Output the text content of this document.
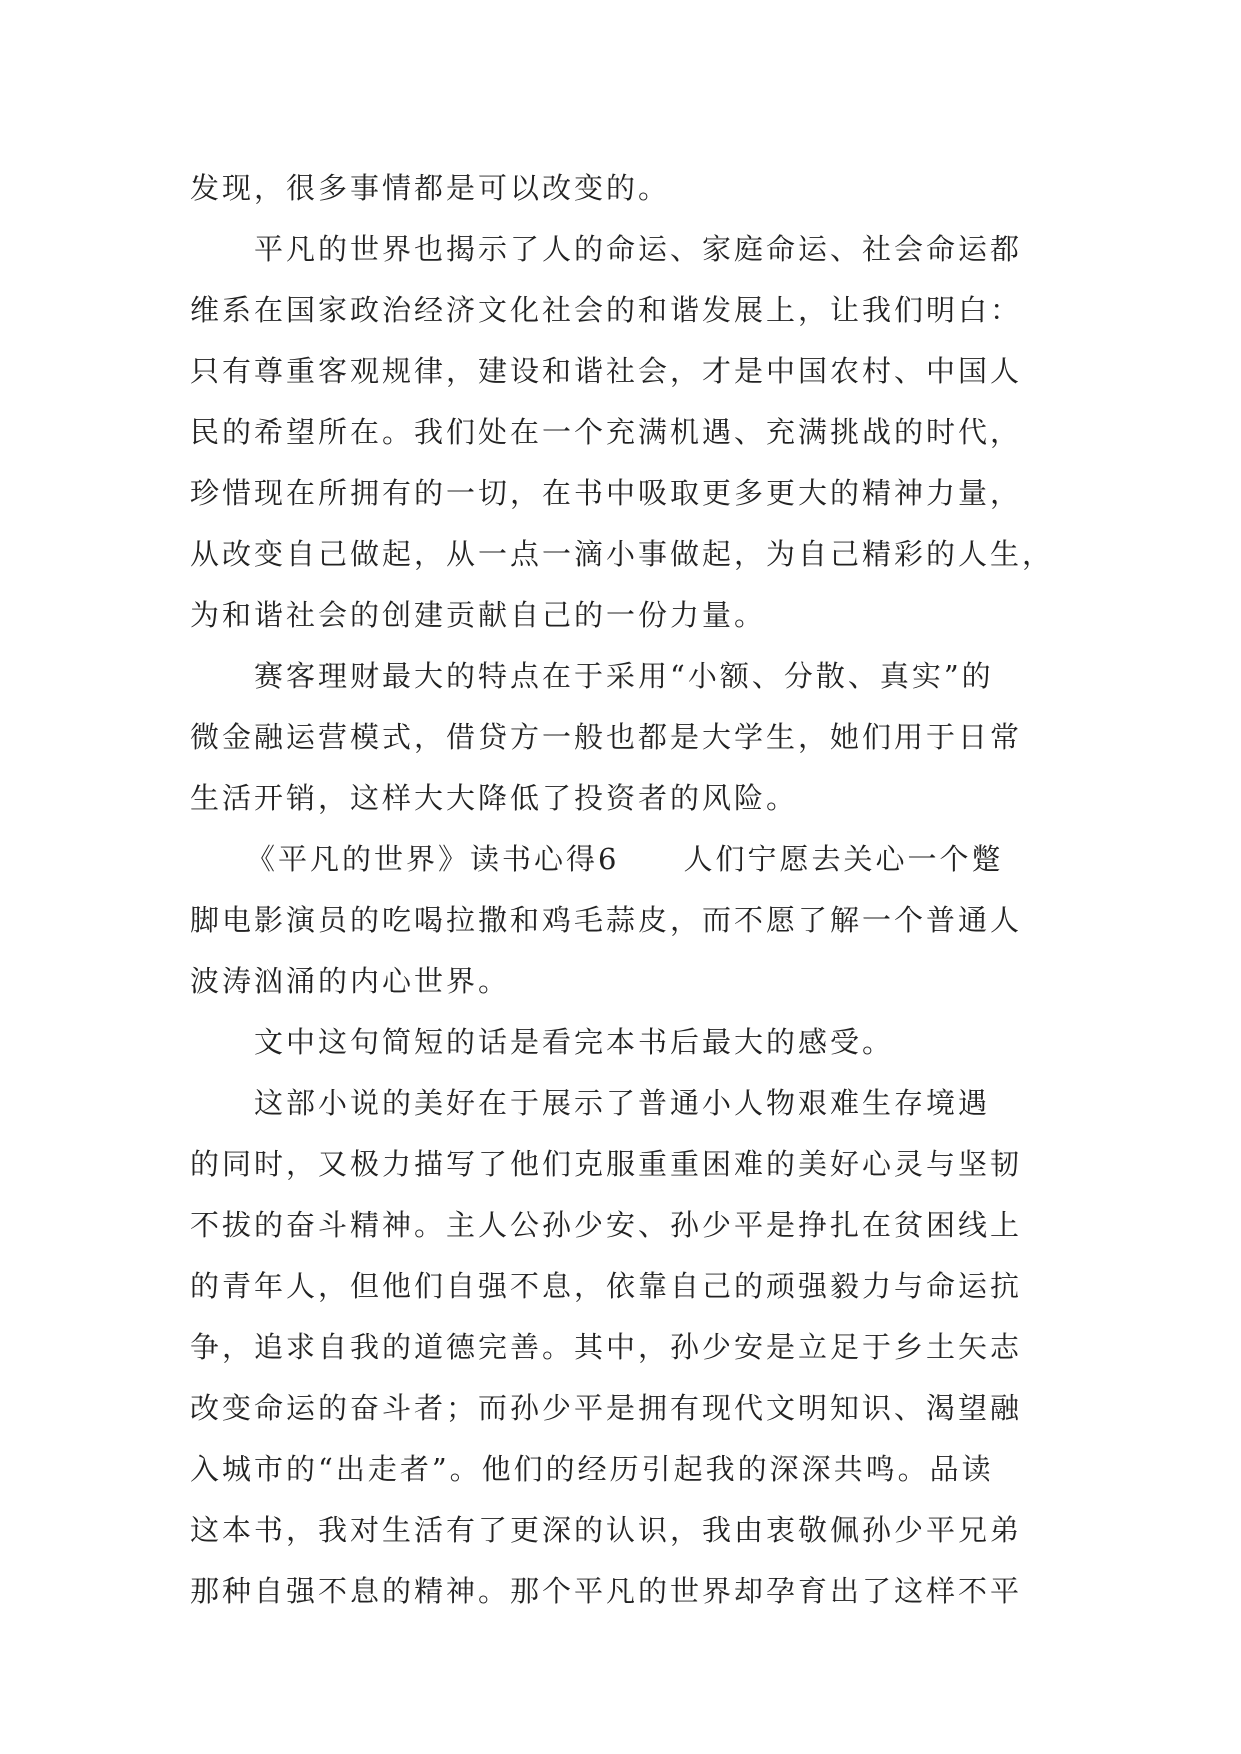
发现，很多事情都是可以改变的。
平凡的世界也揭示了人的命运、家庭命运、社会命运都
维系在国家政治经济文化社会的和谐发展上，让我们明白：
只有尊重客观规律，建设和谐社会，才是中国农村、中国人
民的希望所在。我们处在一个充满机遇、充满挑战的时代，
珍惜现在所拥有的一切，在书中吸取更多更大的精神力量，
从改变自己做起，从一点一滴小事做起，为自己精彩的人生，
为和谐社会的创建贡献自己的一份力量。
赛客理财最大的特点在于采用“小额、分散、真实”的
微金融运营模式，借贷方一般也都是大学生，她们用于日常
生活开销，这样大大降低了投资者的风险。
《平凡的世界》读书心得6　　人们宁愿去关心一个蹩
脚电影演员的吃喝拉撒和鸡毛蒜皮，而不愿了解一个普通人
波涛汹涌的内心世界。
文中这句简短的话是看完本书后最大的感受。
这部小说的美好在于展示了普通小人物艰难生存境遇
的同时，又极力描写了他们克服重重困难的美好心灵与坚韧
不拔的奋斗精神。主人公孙少安、孙少平是挣扎在贫困线上
的青年人，但他们自强不息，依靠自己的顽强毅力与命运抗
争，追求自我的道德完善。其中，孙少安是立足于乡土矢志
改变命运的奋斗者；而孙少平是拥有现代文明知识、渴望融
入城市的“出走者”。他们的经历引起我的深深共鸣。品读
这本书，我对生活有了更深的认识，我由衷敬佩孙少平兄弟
那种自强不息的精神。那个平凡的世界却孕育出了这样不平
